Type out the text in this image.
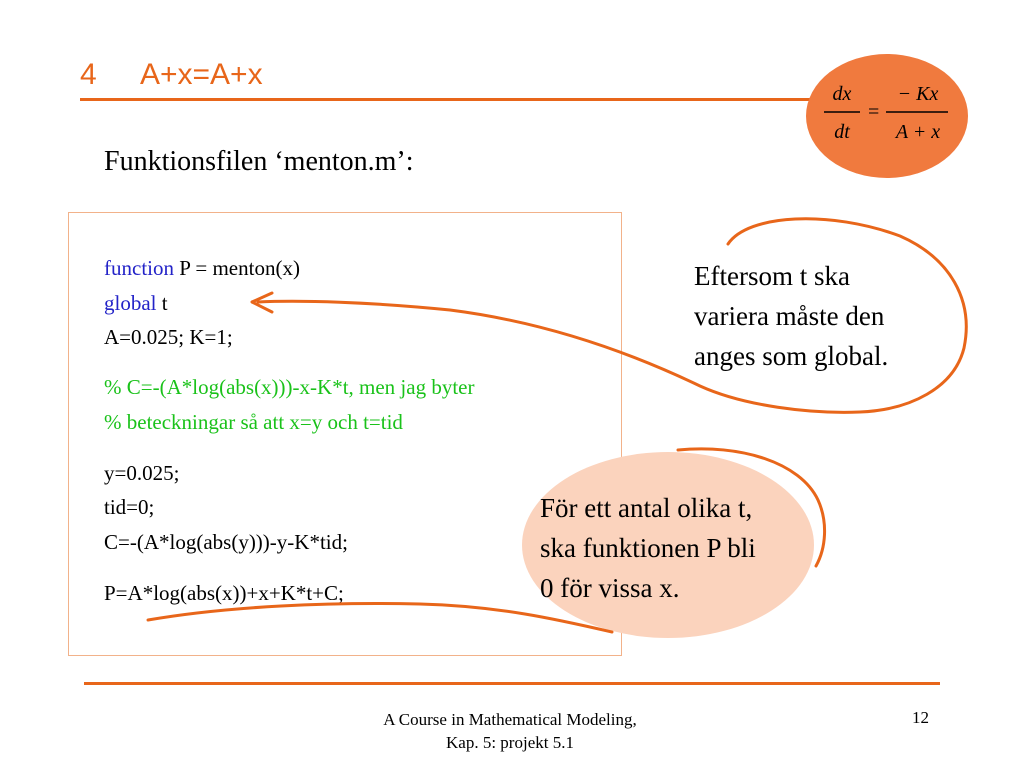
4 A+x=A+x
dx
dt
=
− Kx
A + x
Funktionsfilen ‘menton.m’:
function P = menton(x)
global t
A=0.025; K=1;
% C=-(A*log(abs(x)))-x-K*t, men jag byter
% beteckningar så att x=y och t=tid
y=0.025;
tid=0;
C=-(A*log(abs(y)))-y-K*tid;
P=A*log(abs(x))+x+K*t+C;
Eftersom t ska
variera måste den
anges som global.
För ett antal olika t,
ska funktionen P bli
0 för vissa x.
A Course in Mathematical Modeling,
Kap. 5: projekt 5.1
12
